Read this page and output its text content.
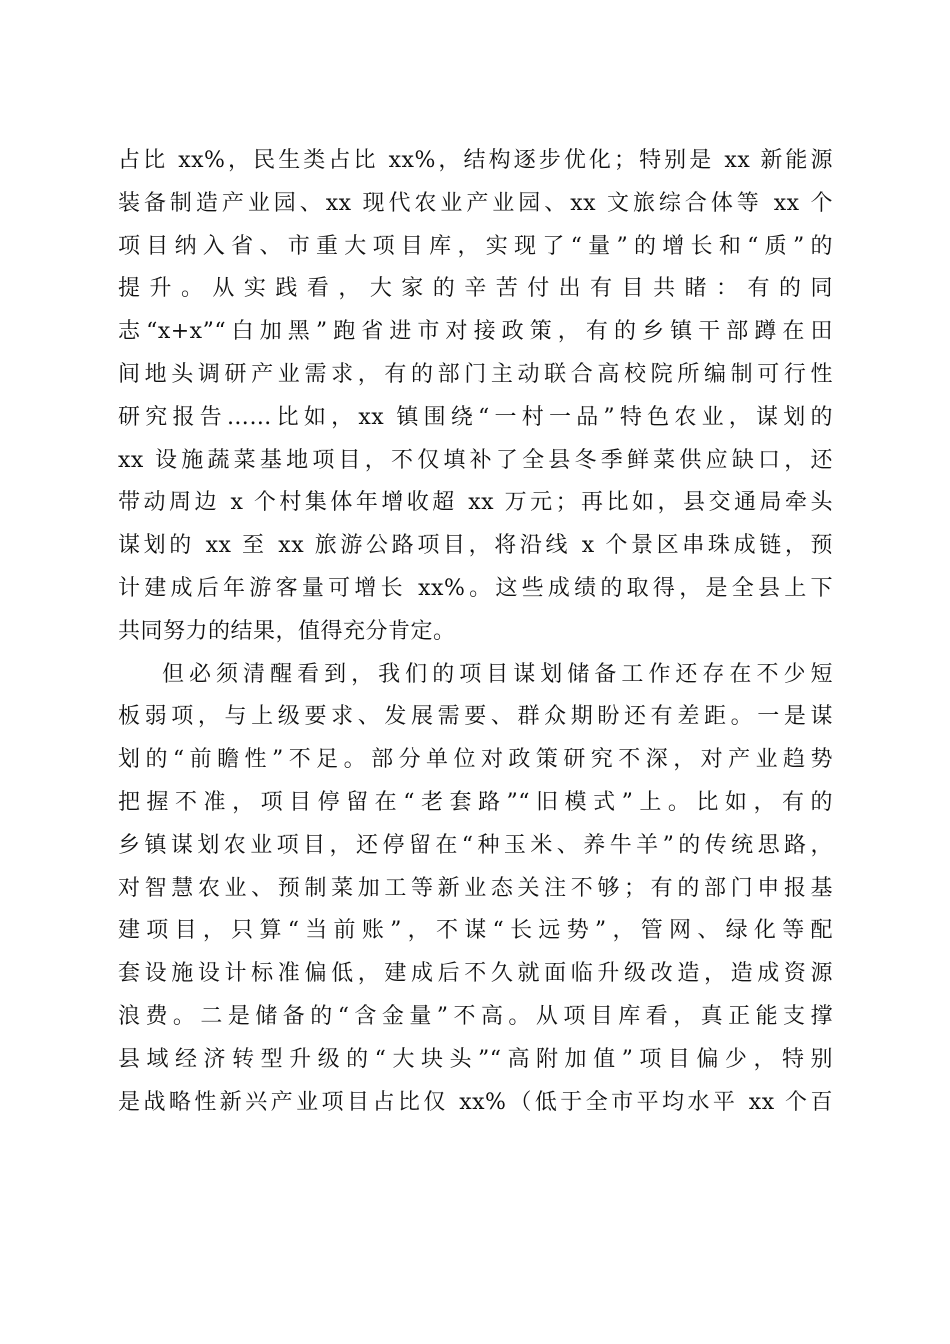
占比 xx%，民生类占比 xx%，结构逐步优化；特别是 xx 新能源
装备制造产业园、xx 现代农业产业园、xx 文旅综合体等 xx 个
项目纳入省、市重大项目库，实现了“量”的增长和“质”的
提升。从实践看，大家的辛苦付出有目共睹：有的同
志“x+x”“白加黑”跑省进市对接政策，有的乡镇干部蹲在田
间地头调研产业需求，有的部门主动联合高校院所编制可行性
研究报告……比如，xx 镇围绕“一村一品”特色农业，谋划的
xx 设施蔬菜基地项目，不仅填补了全县冬季鲜菜供应缺口，还
带动周边 x 个村集体年增收超 xx 万元；再比如，县交通局牵头
谋划的 xx 至 xx 旅游公路项目，将沿线 x 个景区串珠成链，预
计建成后年游客量可增长 xx%。这些成绩的取得，是全县上下
共同努力的结果，值得充分肯定。
但必须清醒看到，我们的项目谋划储备工作还存在不少短
板弱项，与上级要求、发展需要、群众期盼还有差距。一是谋
划的“前瞻性”不足。部分单位对政策研究不深，对产业趋势
把握不准，项目停留在“老套路”“旧模式”上。比如，有的
乡镇谋划农业项目，还停留在“种玉米、养牛羊”的传统思路，
对智慧农业、预制菜加工等新业态关注不够；有的部门申报基
建项目，只算“当前账”，不谋“长远势”，管网、绿化等配
套设施设计标准偏低，建成后不久就面临升级改造，造成资源
浪费。二是储备的“含金量”不高。从项目库看，真正能支撑
县域经济转型升级的“大块头”“高附加值”项目偏少，特别
是战略性新兴产业项目占比仅 xx%（低于全市平均水平 xx 个百
